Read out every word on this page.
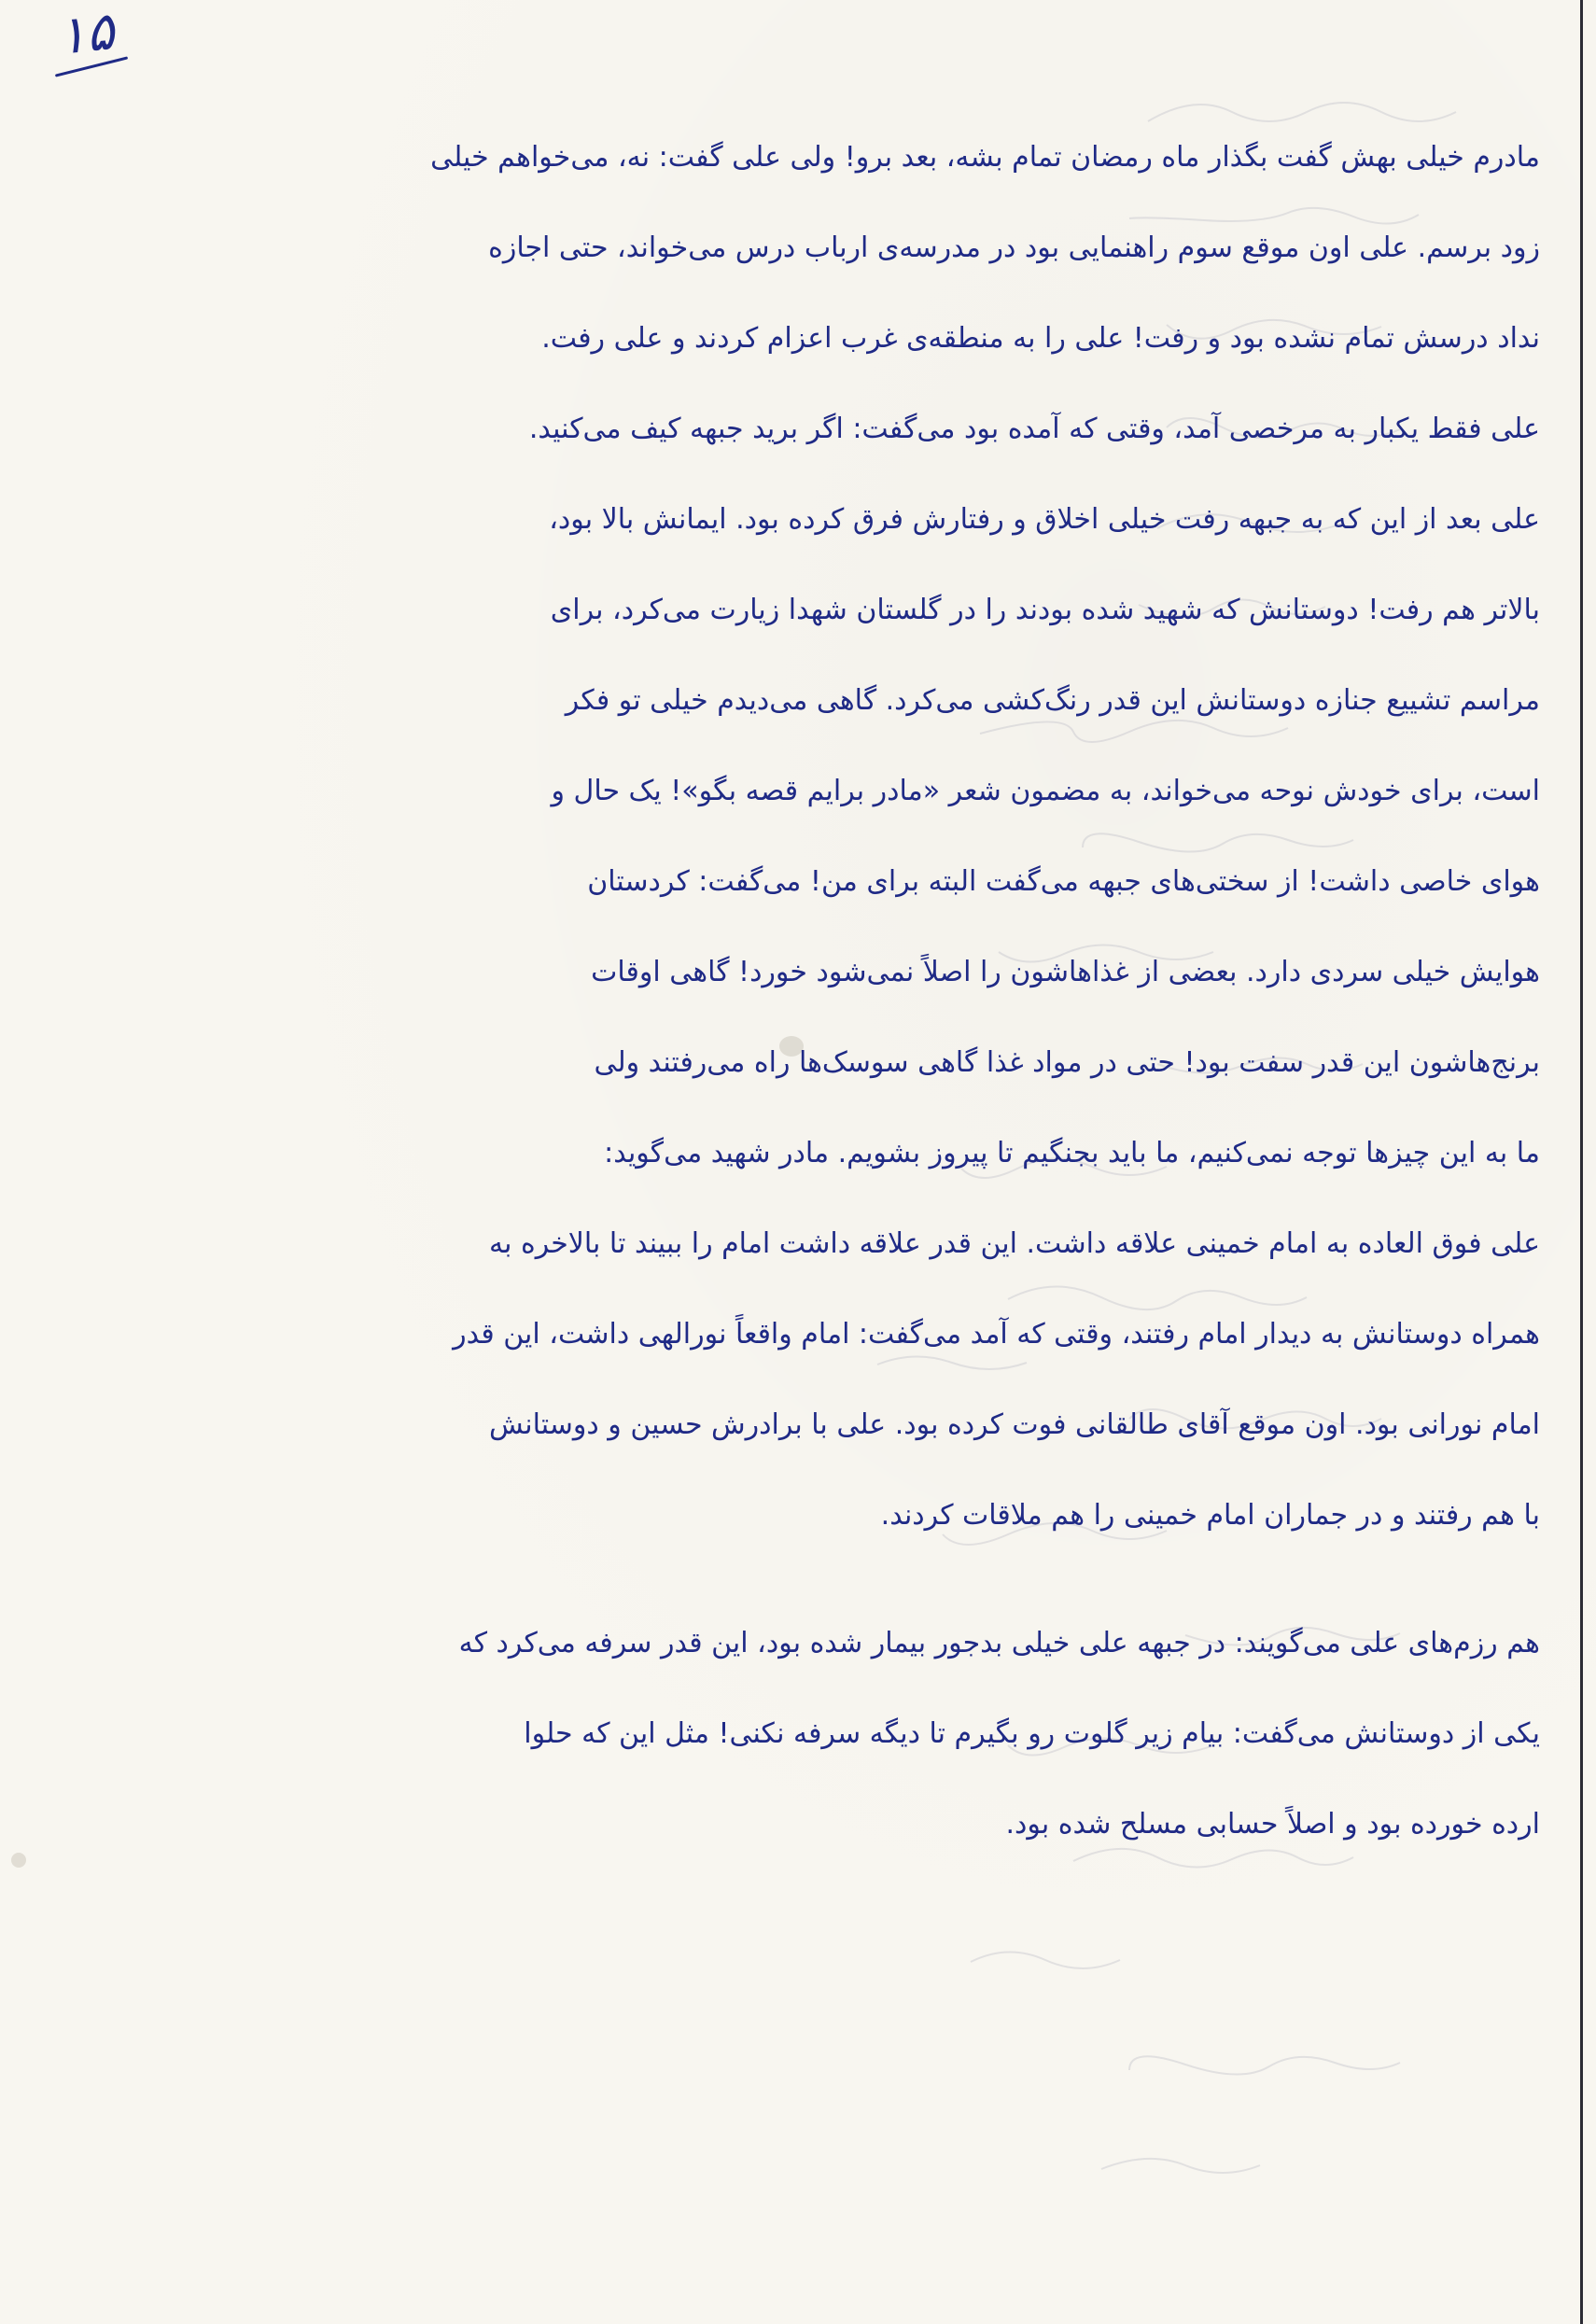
۱۵
مادرم خیلی بهش گفت بگذار ماه رمضان تمام بشه، بعد برو! ولی علی گفت: نه، می‌خواهم خیلی
زود برسم. علی اون موقع سوم راهنمایی بود در مدرسه‌ی ارباب درس می‌خواند، حتی اجازه
نداد درسش تمام نشده بود و رفت! علی را به منطقه‌ی غرب اعزام کردند و علی رفت.
علی فقط یکبار به مرخصی آمد، وقتی که آمده بود می‌گفت: اگر برید جبهه کیف می‌کنید.
علی بعد از این که به جبهه رفت خیلی اخلاق و رفتارش فرق کرده بود. ایمانش بالا بود،
بالاتر هم رفت! دوستانش که شهید شده بودند را در گلستان شهدا زیارت می‌کرد، برای
مراسم تشییع جنازه دوستانش این قدر رنگ‌کشی می‌کرد. گاهی می‌دیدم خیلی تو فکر
است، برای خودش نوحه می‌خواند، به مضمون شعر «مادر برایم قصه بگو»! یک حال و
هوای خاصی داشت! از سختی‌های جبهه می‌گفت البته برای من! می‌گفت: کردستان
هوایش خیلی سردی دارد. بعضی از غذاهاشون را اصلاً نمی‌شود خورد! گاهی اوقات
برنج‌هاشون این قدر سفت بود! حتی در مواد غذا گاهی سوسک‌ها راه می‌رفتند ولی
ما به این چیزها توجه نمی‌کنیم، ما باید بجنگیم تا پیروز بشویم. مادر شهید می‌گوید:
علی فوق العاده به امام خمینی علاقه داشت. این قدر علاقه داشت امام را ببیند تا بالاخره به
همراه دوستانش به دیدار امام رفتند، وقتی که آمد می‌گفت: امام واقعاً نورالهی داشت، این قدر
امام نورانی بود. اون موقع آقای طالقانی فوت کرده بود. علی با برادرش حسین و دوستانش
با هم رفتند و در جماران امام خمینی را هم ملاقات کردند.
هم رزم‌های علی می‌گویند: در جبهه علی خیلی بدجور بیمار شده بود، این قدر سرفه می‌کرد که
یکی از دوستانش می‌گفت: بیام زیر گلوت رو بگیرم تا دیگه سرفه نکنی! مثل این که حلوا
ارده خورده بود و اصلاً حسابی مسلح شده بود.
